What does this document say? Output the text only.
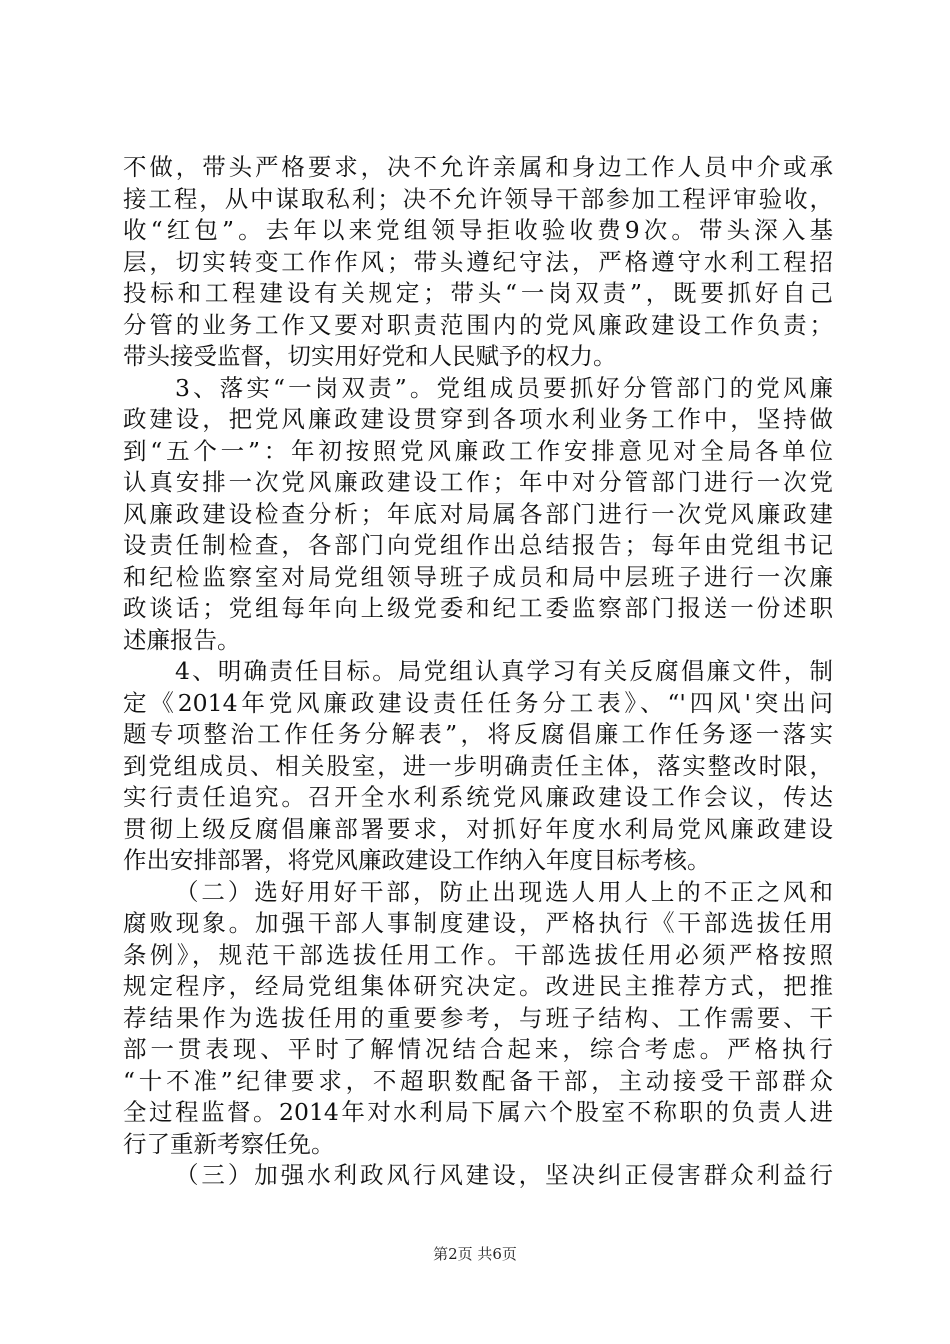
不做，带头严格要求，决不允许亲属和身边工作人员中介或承
接工程，从中谋取私利；决不允许领导干部参加工程评审验收，
收“红包”。去年以来党组领导拒收验收费9次。带头深入基
层，切实转变工作作风；带头遵纪守法，严格遵守水利工程招
投标和工程建设有关规定；带头“一岗双责”，既要抓好自己
分管的业务工作又要对职责范围内的党风廉政建设工作负责；
带头接受监督，切实用好党和人民赋予的权力。
3、落实“一岗双责”。党组成员要抓好分管部门的党风廉
政建设，把党风廉政建设贯穿到各项水利业务工作中，坚持做
到“五个一”：年初按照党风廉政工作安排意见对全局各单位
认真安排一次党风廉政建设工作；年中对分管部门进行一次党
风廉政建设检查分析；年底对局属各部门进行一次党风廉政建
设责任制检查，各部门向党组作出总结报告；每年由党组书记
和纪检监察室对局党组领导班子成员和局中层班子进行一次廉
政谈话；党组每年向上级党委和纪工委监察部门报送一份述职
述廉报告。
4、明确责任目标。局党组认真学习有关反腐倡廉文件，制
定《2014年党风廉政建设责任任务分工表》、“'四风'突出问
题专项整治工作任务分解表”，将反腐倡廉工作任务逐一落实
到党组成员、相关股室，进一步明确责任主体，落实整改时限，
实行责任追究。召开全水利系统党风廉政建设工作会议，传达
贯彻上级反腐倡廉部署要求，对抓好年度水利局党风廉政建设
作出安排部署，将党风廉政建设工作纳入年度目标考核。
（二）选好用好干部，防止出现选人用人上的不正之风和
腐败现象。加强干部人事制度建设，严格执行《干部选拔任用
条例》，规范干部选拔任用工作。干部选拔任用必须严格按照
规定程序，经局党组集体研究决定。改进民主推荐方式，把推
荐结果作为选拔任用的重要参考，与班子结构、工作需要、干
部一贯表现、平时了解情况结合起来，综合考虑。严格执行
“十不准”纪律要求，不超职数配备干部，主动接受干部群众
全过程监督。2014年对水利局下属六个股室不称职的负责人进
行了重新考察任免。
（三）加强水利政风行风建设，坚决纠正侵害群众利益行
第2页 共6页
